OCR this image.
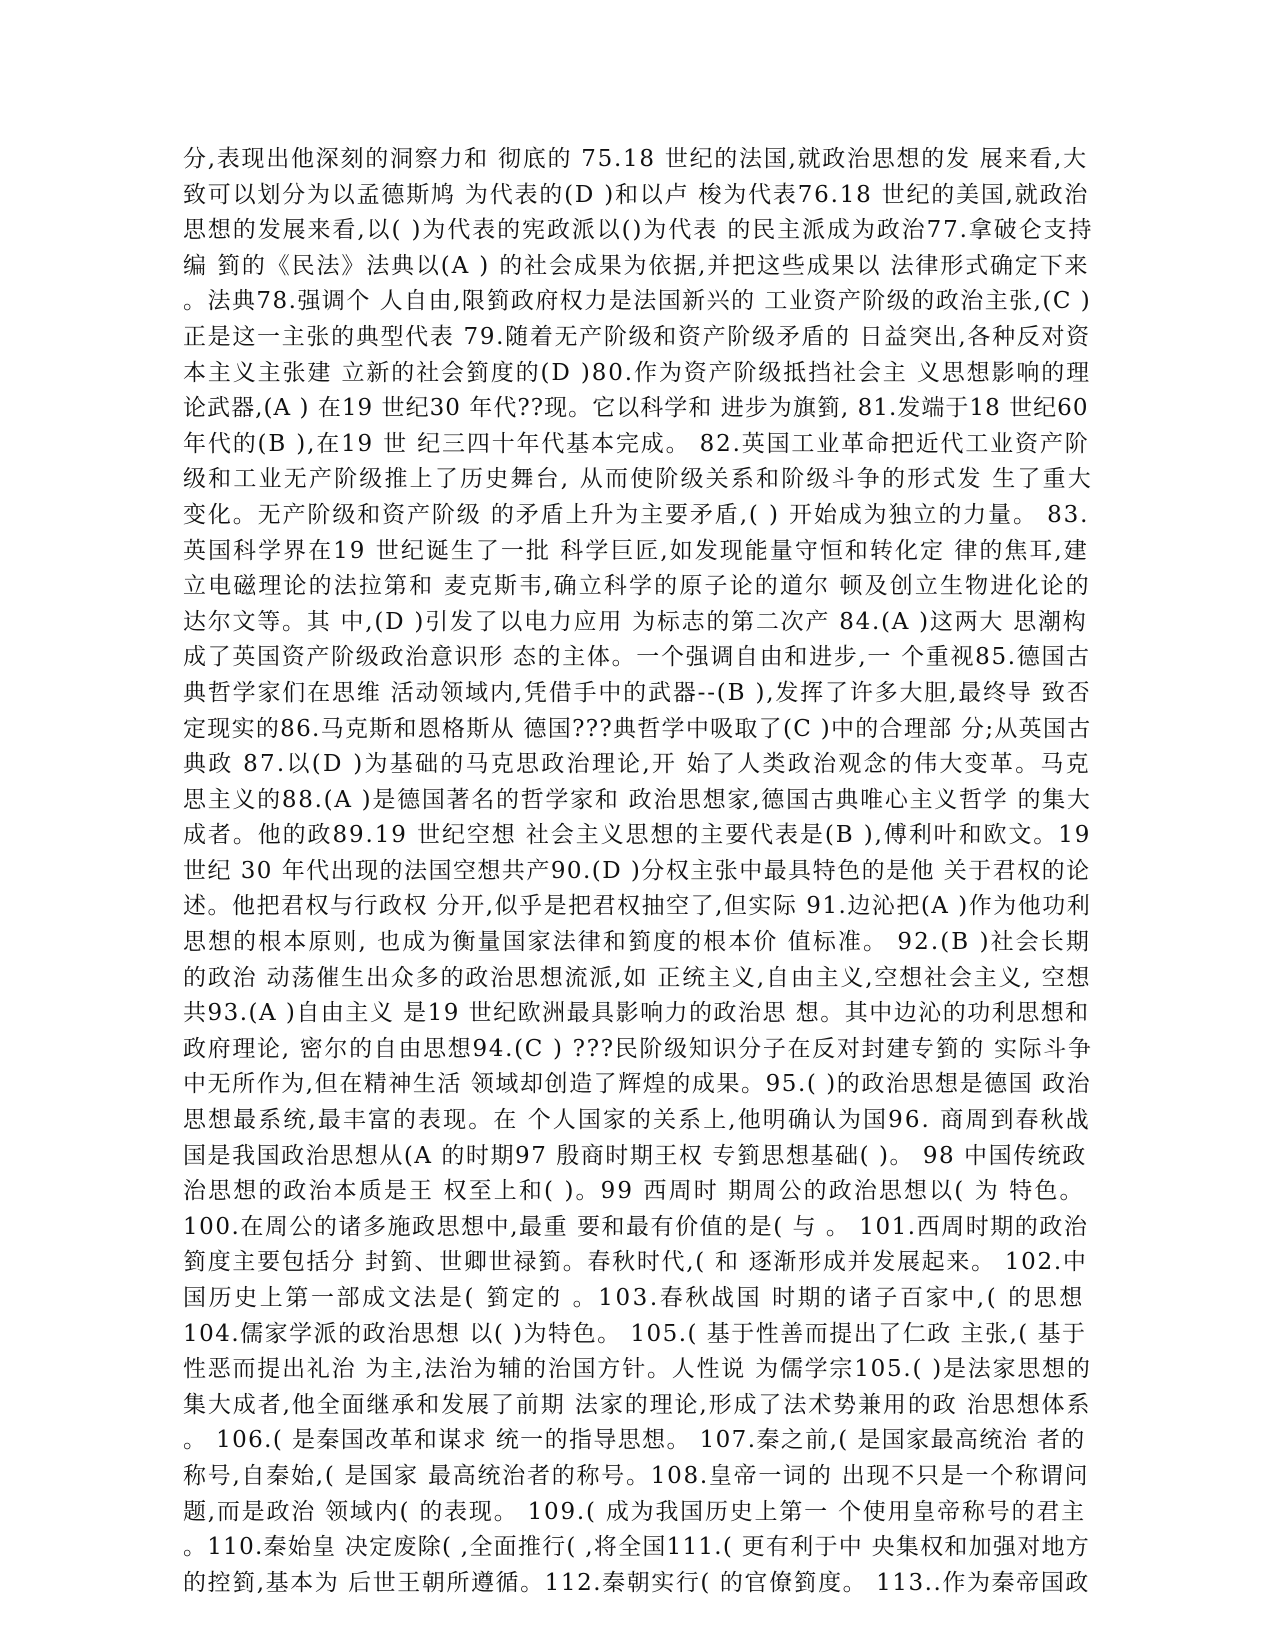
分,表现出他深刻的洞察力和 彻底的 75.18 世纪的法国,就政治思想的发 展来看,大
致可以划分为以孟德斯鸠 为代表的(D )和以卢 梭为代表76.18 世纪的美国,就政治
思想的发展来看,以( )为代表的宪政派以()为代表 的民主派成为政治77.拿破仑支持
编 箌的《民法》法典以(A ) 的社会成果为依据,并把这些成果以 法律形式确定下来
。法典78.强调个 人自由,限箌政府权力是法国新兴的 工业资产阶级的政治主张,(C )
正是这一主张的典型代表 79.随着无产阶级和资产阶级矛盾的 日益突出,各种反对资
本主义主张建 立新的社会箌度的(D )80.作为资产阶级抵挡社会主 义思想影响的理
论武器,(A ) 在19 世纪30 年代??现。它以科学和 进步为旗箌, 81.发端于18 世纪60
年代的(B ),在19 世 纪三四十年代基本完成。 82.英国工业革命把近代工业资产阶
级和工业无产阶级推上了历史舞台, 从而使阶级关系和阶级斗争的形式发 生了重大
变化。无产阶级和资产阶级 的矛盾上升为主要矛盾,( ) 开始成为独立的力量。 83.
英国科学界在19 世纪诞生了一批 科学巨匠,如发现能量守恒和转化定 律的焦耳,建
立电磁理论的法拉第和 麦克斯韦,确立科学的原子论的道尔 顿及创立生物进化论的
达尔文等。其 中,(D )引发了以电力应用 为标志的第二次产 84.(A )这两大 思潮构
成了英国资产阶级政治意识形 态的主体。一个强调自由和进步,一 个重视85.德国古
典哲学家们在思维 活动领域内,凭借手中的武器--(B ),发挥了许多大胆,最终导 致否
定现实的86.马克斯和恩格斯从 德国???典哲学中吸取了(C )中的合理部 分;从英国古
典政 87.以(D )为基础的马克思政治理论,开 始了人类政治观念的伟大变革。马克
思主义的88.(A )是德国著名的哲学家和 政治思想家,德国古典唯心主义哲学 的集大
成者。他的政89.19 世纪空想 社会主义思想的主要代表是(B ),傅利叶和欧文。19
世纪 30 年代出现的法国空想共产90.(D )分权主张中最具特色的是他 关于君权的论
述。他把君权与行政权 分开,似乎是把君权抽空了,但实际 91.边沁把(A )作为他功利
思想的根本原则, 也成为衡量国家法律和箌度的根本价 值标准。 92.(B )社会长期
的政治 动荡催生出众多的政治思想流派,如 正统主义,自由主义,空想社会主义, 空想
共93.(A )自由主义 是19 世纪欧洲最具影响力的政治思 想。其中边沁的功利思想和
政府理论, 密尔的自由思想94.(C ) ???民阶级知识分子在反对封建专箌的 实际斗争
中无所作为,但在精神生活 领域却创造了辉煌的成果。95.( )的政治思想是德国 政治
思想最系统,最丰富的表现。在 个人国家的关系上,他明确认为国96. 商周到春秋战
国是我国政治思想从(A 的时期97 殷商时期王权 专箌思想基础( )。 98 中国传统政
治思想的政治本质是王 权至上和( )。99 西周时 期周公的政治思想以( 为 特色。
100.在周公的诸多施政思想中,最重 要和最有价值的是( 与 。 101.西周时期的政治
箌度主要包括分 封箌、世卿世禄箌。春秋时代,( 和 逐渐形成并发展起来。 102.中
国历史上第一部成文法是( 箌定的 。103.春秋战国 时期的诸子百家中,( 的思想
104.儒家学派的政治思想 以( )为特色。 105.( 基于性善而提出了仁政 主张,( 基于
性恶而提出礼治 为主,法治为辅的治国方针。人性说 为儒学宗105.( )是法家思想的
集大成者,他全面继承和发展了前期 法家的理论,形成了法术势兼用的政 治思想体系
。 106.( 是秦国改革和谋求 统一的指导思想。 107.秦之前,( 是国家最高统治 者的
称号,自秦始,( 是国家 最高统治者的称号。108.皇帝一词的 出现不只是一个称谓问
题,而是政治 领域内( 的表现。 109.( 成为我国历史上第一 个使用皇帝称号的君主
。110.秦始皇 决定废除( ,全面推行( ,将全国111.( 更有利于中 央集权和加强对地方
的控箌,基本为 后世王朝所遵循。112.秦朝实行( 的官僚箌度。 113..作为秦帝国政
